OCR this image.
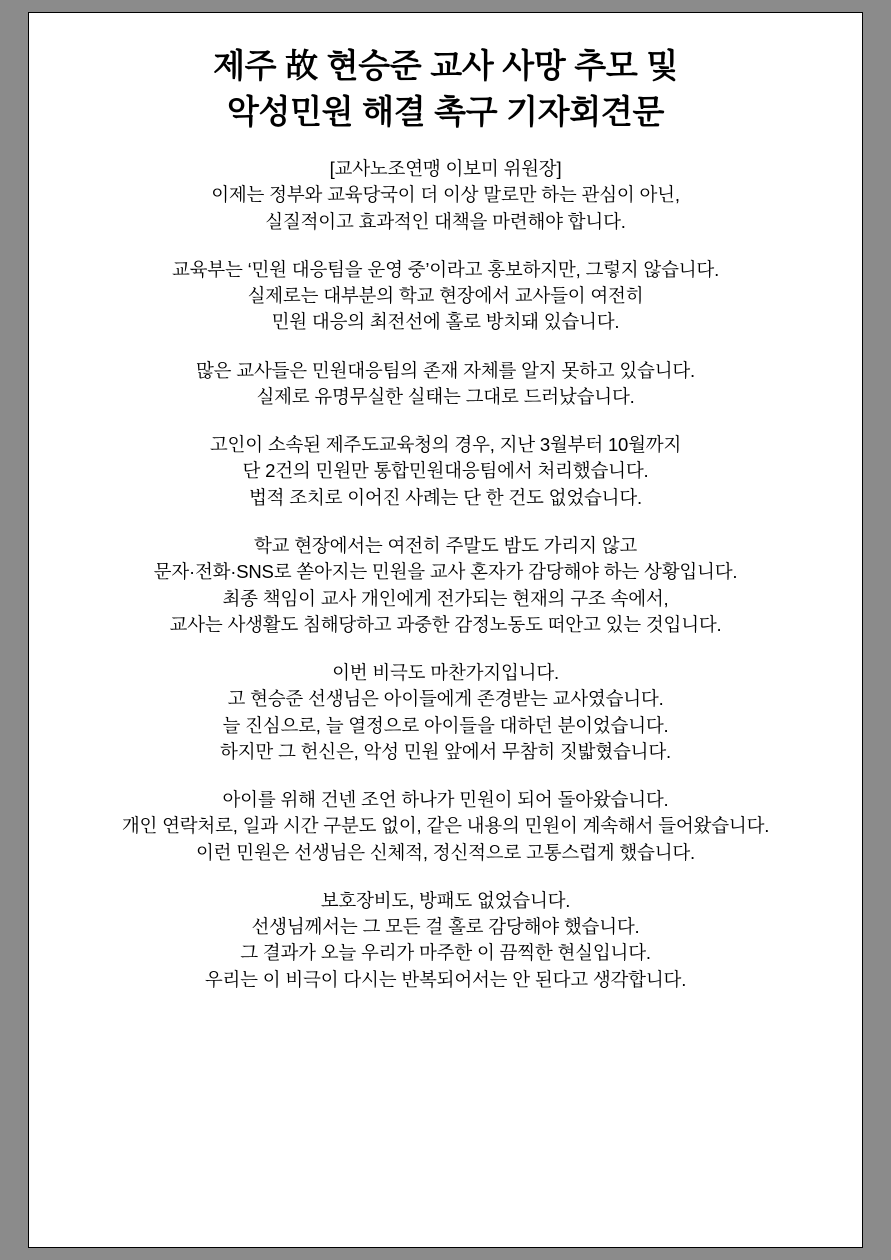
제주 故 현승준 교사 사망 추모 및
악성민원 해결 촉구 기자회견문
[교사노조연맹 이보미 위원장]
이제는 정부와 교육당국이 더 이상 말로만 하는 관심이 아닌,
실질적이고 효과적인 대책을 마련해야 합니다.
교육부는 ‘민원 대응팀을 운영 중’이라고 홍보하지만, 그렇지 않습니다.
실제로는 대부분의 학교 현장에서 교사들이 여전히
민원 대응의 최전선에 홀로 방치돼 있습니다.
많은 교사들은 민원대응팀의 존재 자체를 알지 못하고 있습니다.
실제로 유명무실한 실태는 그대로 드러났습니다.
고인이 소속된 제주도교육청의 경우, 지난 3월부터 10월까지
단 2건의 민원만 통합민원대응팀에서 처리했습니다.
법적 조치로 이어진 사례는 단 한 건도 없었습니다.
학교 현장에서는 여전히 주말도 밤도 가리지 않고
문자·전화·SNS로 쏟아지는 민원을 교사 혼자가 감당해야 하는 상황입니다.
최종 책임이 교사 개인에게 전가되는 현재의 구조 속에서,
교사는 사생활도 침해당하고 과중한 감정노동도 떠안고 있는 것입니다.
이번 비극도 마찬가지입니다.
고 현승준 선생님은 아이들에게 존경받는 교사였습니다.
늘 진심으로, 늘 열정으로 아이들을 대하던 분이었습니다.
하지만 그 헌신은, 악성 민원 앞에서 무참히 짓밟혔습니다.
아이를 위해 건넨 조언 하나가 민원이 되어 돌아왔습니다.
개인 연락처로, 일과 시간 구분도 없이, 같은 내용의 민원이 계속해서 들어왔습니다.
이런 민원은 선생님은 신체적, 정신적으로 고통스럽게 했습니다.
보호장비도, 방패도 없었습니다.
선생님께서는 그 모든 걸 홀로 감당해야 했습니다.
그 결과가 오늘 우리가 마주한 이 끔찍한 현실입니다.
우리는 이 비극이 다시는 반복되어서는 안 된다고 생각합니다.
